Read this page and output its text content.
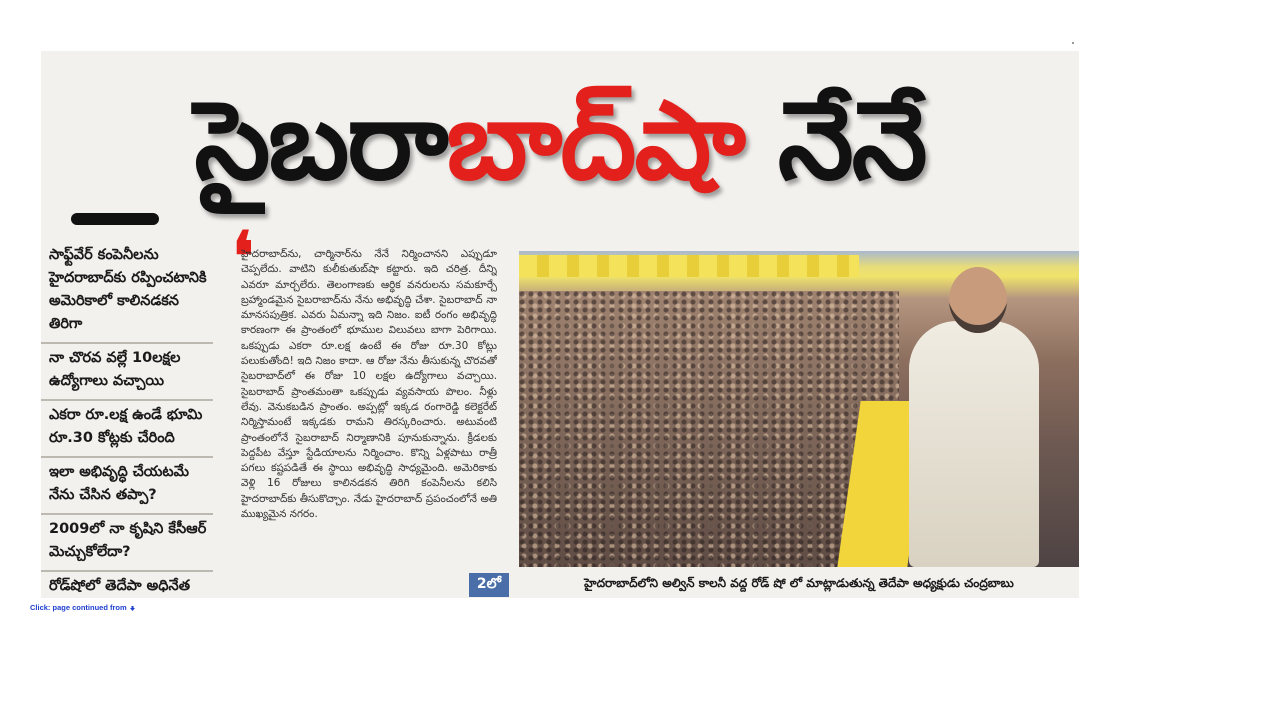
సైబరా బాద్‌షా నేనే
సాఫ్ట్‌వేర్ కంపెనీలను హైదరాబాద్‌కు రప్పించటానికి అమెరికాలో కాలినడకన తిరిగా
నా చొరవ వల్లే 10లక్షల ఉద్యోగాలు వచ్చాయి
ఎకరా రూ.లక్ష ఉండే భూమి రూ.30 కోట్లకు చేరింది
ఇలా అభివృద్ధి చేయటమే నేను చేసిన తప్పా?
2009లో నా కృషిని కేసీఆర్ మెచ్చుకోలేదా?
రోడ్‌షోలో తెదేపా అధినేత
❛
హైదరాబాద్‌ను, చార్మినార్‌ను నేనే నిర్మించానని ఎప్పుడూ చెప్పలేదు. వాటిని కులీకుతుబ్‌షా కట్టారు. ఇది చరిత్ర. దీన్ని ఎవరూ మార్చలేరు. తెలంగాణకు ఆర్థిక వనరులను సమకూర్చే బ్రహ్మాండమైన సైబరాబాద్‌ను నేను అభివృద్ధి చేశా. సైబరాబాద్ నా మానసపుత్రిక. ఎవరు ఏమన్నా ఇది నిజం. ఐటీ రంగం అభివృద్ధి కారణంగా ఈ ప్రాంతంలో భూముల విలువలు బాగా పెరిగాయి. ఒకప్పుడు ఎకరా రూ.లక్ష ఉంటే ఈ రోజు రూ.30 కోట్లు పలుకుతోంది! ఇది నిజం కాదా. ఆ రోజు నేను తీసుకున్న చొరవతో సైబరాబాద్‌లో ఈ రోజు 10 లక్షల ఉద్యోగాలు వచ్చాయి. సైబరాబాద్ ప్రాంతమంతా ఒకప్పుడు వ్యవసాయ పొలం. నీళ్లు లేవు. వెనుకబడిన ప్రాంతం. అప్పట్లో ఇక్కడ రంగారెడ్డి కలెక్టరేట్ నిర్మిస్తామంటే ఇక్కడకు రామని తిరస్కరించారు. అటువంటి ప్రాంతంలోనే సైబరాబాద్ నిర్మాణానికి పూనుకున్నాను. క్రీడలకు పెద్దపీట వేస్తూ స్టేడియాలను నిర్మించాం. కొన్ని ఏళ్లపాటు రాత్రీ పగలు కష్టపడితే ఈ స్థాయి అభివృద్ధి సాధ్యమైంది. అమెరికాకు వెళ్లి 16 రోజులు కాలినడకన తిరిగి కంపెనీలను కలిసి హైదరాబాద్‌కు తీసుకొచ్చాం. నేడు హైదరాబాద్ ప్రపంచంలోనే అతి ముఖ్యమైన నగరం.
2లో	హైదరాబాద్‌లోని అల్విన్ కాలనీ వద్ద రోడ్ షో లో మాట్లాడుతున్న తెదేపా అధ్యక్షుడు చంద్రబాబు
Click: page continued from
